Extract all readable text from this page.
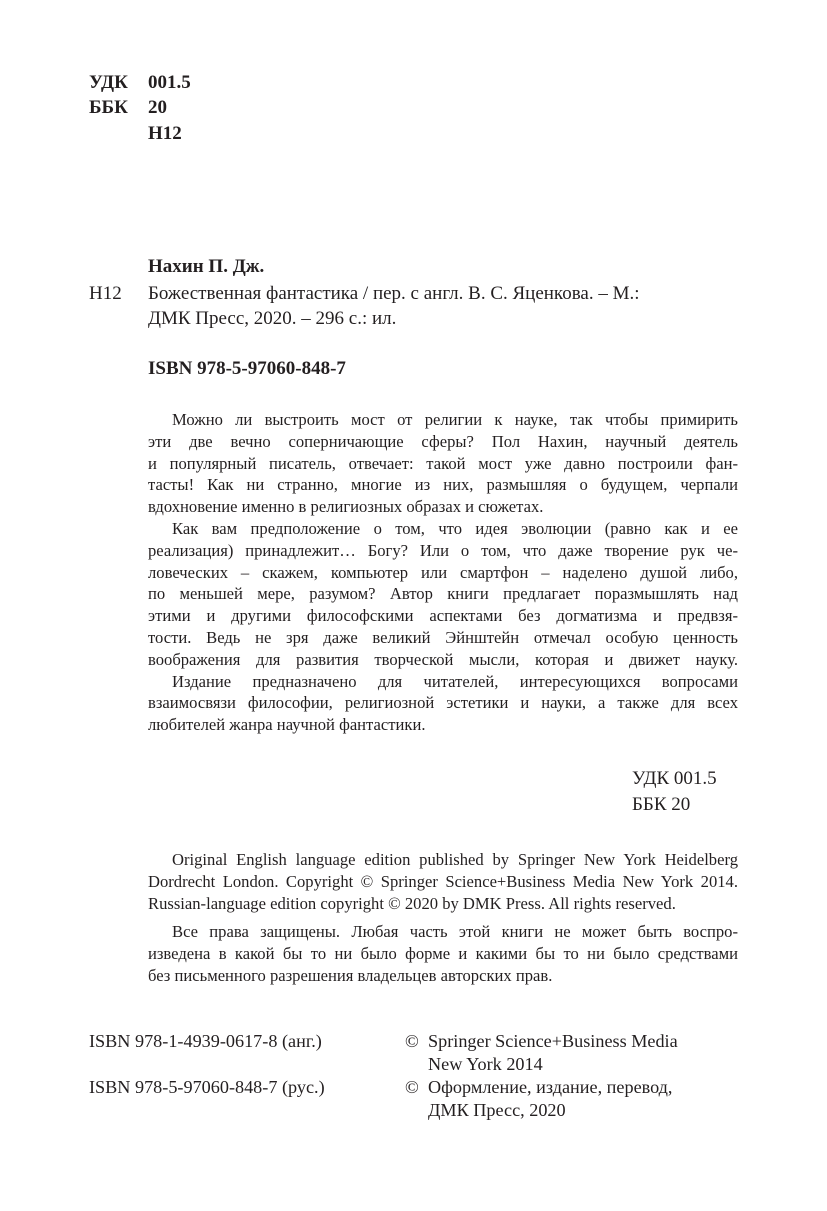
УДК 001.5
ББК 20
Н12
Нахин П. Дж.
Н12 Божественная фантастика / пер. с англ. В. С. Яценкова. – М.:
ДМК Пресс, 2020. – 296 с.: ил.
ISBN 978-5-97060-848-7
Можно ли выстроить мост от религии к науке, так чтобы примирить
эти две вечно соперничающие сферы? Пол Нахин, научный деятель
и популярный писатель, отвечает: такой мост уже давно построили фан-
тасты! Как ни странно, многие из них, размышляя о будущем, черпали
вдохновение именно в религиозных образах и сюжетах.
Как вам предположение о том, что идея эволюции (равно как и ее
реализация) принадлежит… Богу? Или о том, что даже творение рук че-
ловеческих – скажем, компьютер или смартфон – наделено душой либо,
по меньшей мере, разумом? Автор книги предлагает поразмышлять над
этими и другими философскими аспектами без догматизма и предвзя-
тости. Ведь не зря даже великий Эйнштейн отмечал особую ценность
воображения для развития творческой мысли, которая и движет науку.
Издание предназначено для читателей, интересующихся вопросами
взаимосвязи философии, религиозной эстетики и науки, а также для всех
любителей жанра научной фантастики.
УДК 001.5
ББК 20
Original English language edition published by Springer New York Heidelberg
Dordrecht London. Copyright © Springer Science+Business Media New York 2014.
Russian-language edition copyright © 2020 by DMK Press. All rights reserved.
Все права защищены. Любая часть этой книги не может быть воспро-
изведена в какой бы то ни было форме и какими бы то ни было средствами
без письменного разрешения владельцев авторских прав.
ISBN 978-1-4939-0617-8 (анг.)
ISBN 978-5-97060-848-7 (рус.)
© Springer Science+Business Media
New York 2014
© Оформление, издание, перевод,
ДМК Пресс, 2020
